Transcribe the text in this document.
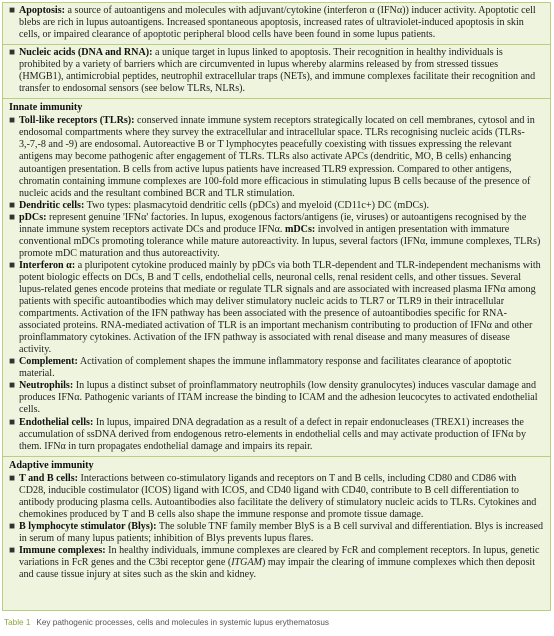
■ Apoptosis: a source of autoantigens and molecules with adjuvant/cytokine (interferon α (IFNα)) inducer activity. Apoptotic cell blebs are rich in lupus autoantigens. Increased spontaneous apoptosis, increased rates of ultraviolet-induced apoptosis in skin cells, or impaired clearance of apoptotic peripheral blood cells have been found in some lupus patients.
■ Nucleic acids (DNA and RNA): a unique target in lupus linked to apoptosis. Their recognition in healthy individuals is prohibited by a variety of barriers which are circumvented in lupus whereby alarmins released by from stressed tissues (HMGB1), antimicrobial peptides, neutrophil extracellular traps (NETs), and immune complexes facilitate their recognition and transfer to endosomal sensors (see below TLRs, NLRs).
Innate immunity
■ Toll-like receptors (TLRs): conserved innate immune system receptors strategically located on cell membranes, cytosol and in endosomal compartments where they survey the extracellular and intracellular space. TLRs recognising nucleic acids (TLRs-3,-7,-8 and -9) are endosomal. Autoreactive B or T lymphocytes peacefully coexisting with tissues expressing the relevant antigens may become pathogenic after engagement of TLRs. TLRs also activate APCs (dendritic, MO, B cells) enhancing autoantigen presentation. B cells from active lupus patients have increased TLR9 expression. Compared to other antigens, chromatin containing immune complexes are 100-fold more efficacious in stimulating lupus B cells because of the presence of nucleic acids and the resultant combined BCR and TLR stimulation.
■ Dendritic cells: Two types: plasmacytoid dendritic cells (pDCs) and myeloid (CD11c+) DC (mDCs).
■ pDCs: represent genuine 'IFNα' factories. In lupus, exogenous factors/antigens (ie, viruses) or autoantigens recognised by the innate immune system receptors activate DCs and produce IFNα. mDCs: involved in antigen presentation with immature conventional mDCs promoting tolerance while mature autoreactivity. In lupus, several factors (IFNα, immune complexes, TLRs) promote mDC maturation and thus autoreactivity.
■ Interferon α: a pluripotent cytokine produced mainly by pDCs via both TLR-dependent and TLR-independent mechanisms with potent biologic effects on DCs, B and T cells, endothelial cells, neuronal cells, renal resident cells, and other tissues. Several lupus-related genes encode proteins that mediate or regulate TLR signals and are associated with increased plasma IFNα among patients with specific autoantibodies which may deliver stimulatory nucleic acids to TLR7 or TLR9 in their intracellular compartments. Activation of the IFN pathway has been associated with the presence of autoantibodies specific for RNA-associated proteins. RNA-mediated activation of TLR is an important mechanism contributing to production of IFNα and other proinflammatory cytokines. Activation of the IFN pathway is associated with renal disease and many measures of disease activity.
■ Complement: Activation of complement shapes the immune inflammatory response and facilitates clearance of apoptotic material.
■ Neutrophils: In lupus a distinct subset of proinflammatory neutrophils (low density granulocytes) induces vascular damage and produces IFNα. Pathogenic variants of ITAM increase the binding to ICAM and the adhesion leucocytes to activated endothelial cells.
■ Endothelial cells: In lupus, impaired DNA degradation as a result of a defect in repair endonucleases (TREX1) increases the accumulation of ssDNA derived from endogenous retro-elements in endothelial cells and may activate production of IFNα by them. IFNα in turn propagates endothelial damage and impairs its repair.
Adaptive immunity
■ T and B cells: Interactions between co-stimulatory ligands and receptors on T and B cells, including CD80 and CD86 with CD28, inducible costimulator (ICOS) ligand with ICOS, and CD40 ligand with CD40, contribute to B cell differentiation to antibody producing plasma cells. Autoantibodies also facilitate the delivery of stimulatory nucleic acids to TLRs. Cytokines and chemokines produced by T and B cells also shape the immune response and promote tissue damage.
■ B lymphocyte stimulator (Blys): The soluble TNF family member BlyS is a B cell survival and differentiation. Blys is increased in serum of many lupus patients; inhibition of Blys prevents lupus flares.
■ Immune complexes: In healthy individuals, immune complexes are cleared by FcR and complement receptors. In lupus, genetic variations in FcR genes and the C3bi receptor gene (ITGAM) may impair the clearing of immune complexes which then deposit and cause tissue injury at sites such as the skin and kidney.
Table 1 Key pathogenic processes, cells and molecules in systemic lupus erythematosus
